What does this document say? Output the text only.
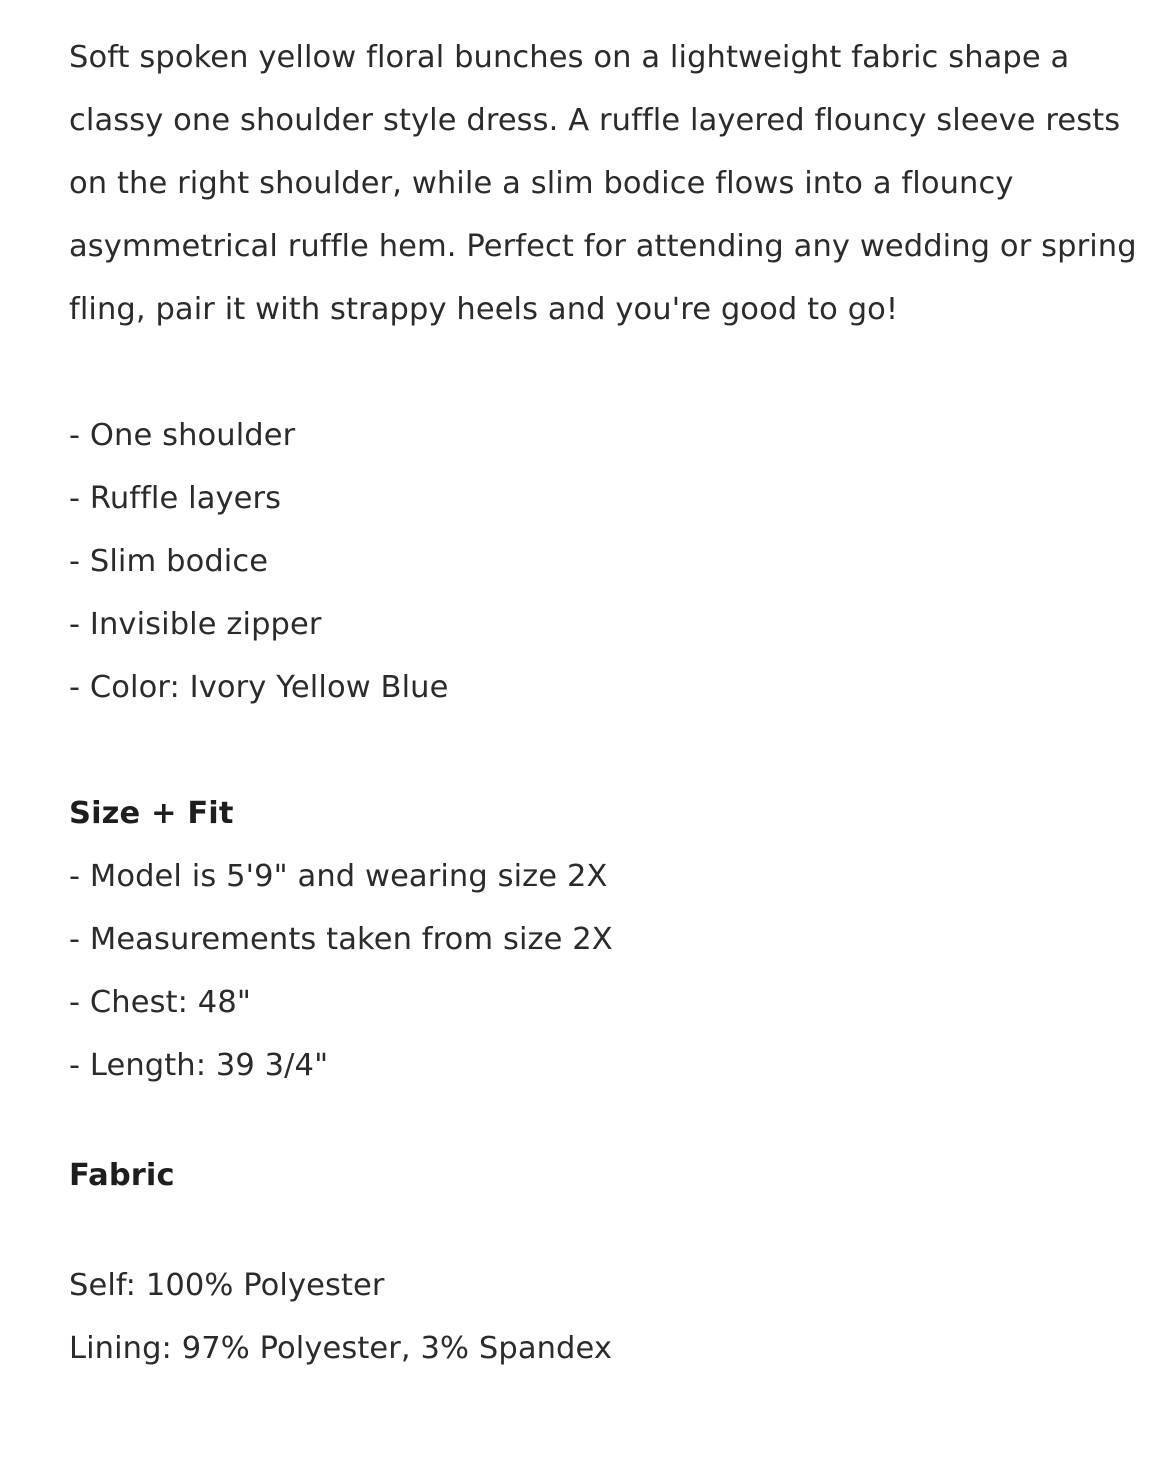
Soft spoken yellow floral bunches on a lightweight fabric shape a classy one shoulder style dress. A ruffle layered flouncy sleeve rests on the right shoulder, while a slim bodice flows into a flouncy asymmetrical ruffle hem. Perfect for attending any wedding or spring fling, pair it with strappy heels and you're good to go!

- One shoulder
- Ruffle layers
- Slim bodice
- Invisible zipper
- Color: Ivory Yellow Blue

Size + Fit

- Model is 5'9" and wearing size 2X
- Measurements taken from size 2X
- Chest: 48"
- Length: 39 3/4"

Fabric

Self: 100% Polyester
Lining: 97% Polyester, 3% Spandex
